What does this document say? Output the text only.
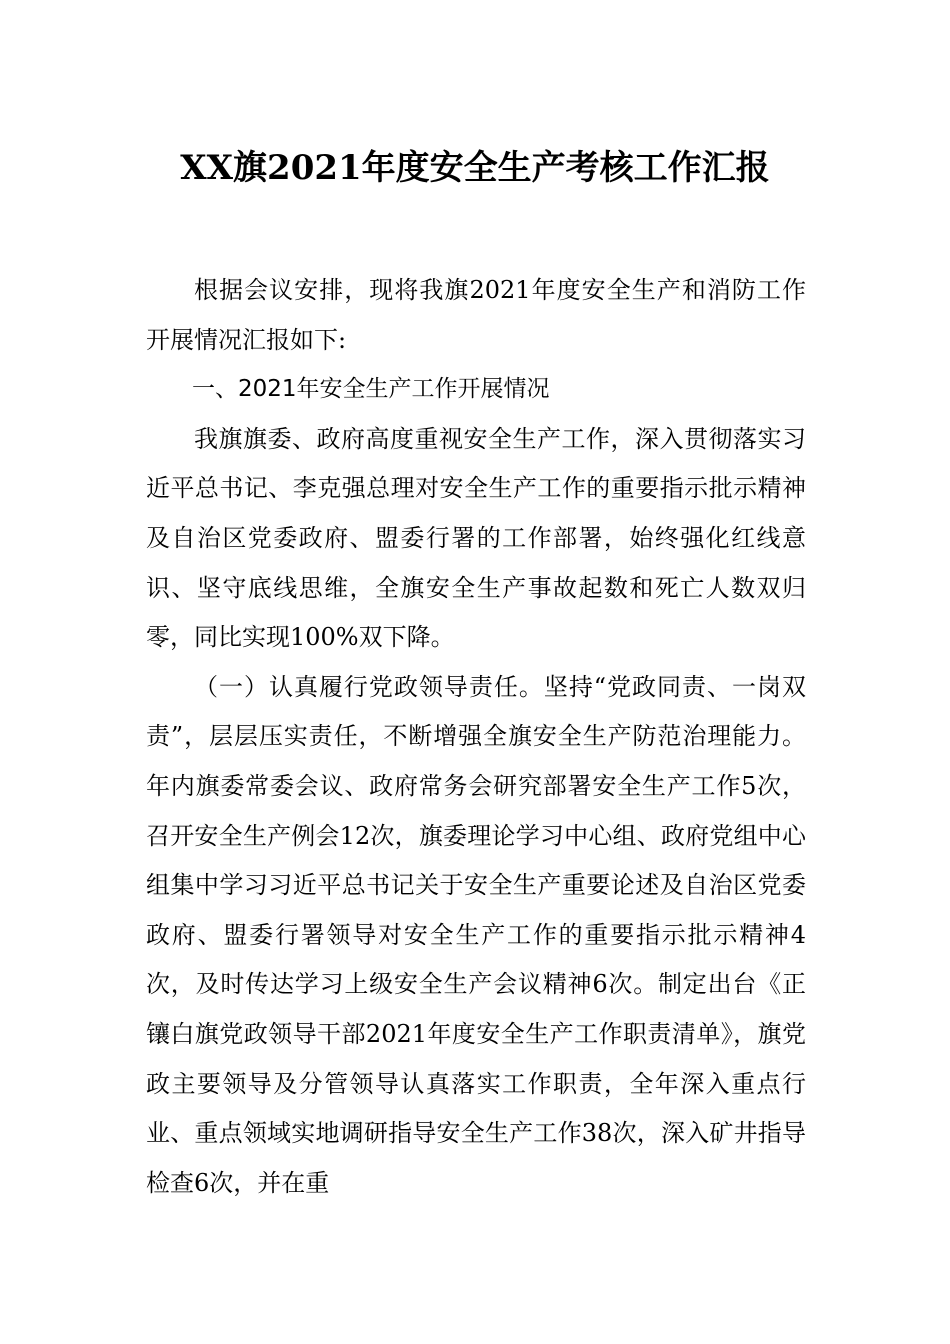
XX旗2021年度安全生产考核工作汇报

根据会议安排，现将我旗2021年度安全生产和消防工作开展情况汇报如下:

一、2021年安全生产工作开展情况

我旗旗委、政府高度重视安全生产工作，深入贯彻落实习近平总书记、李克强总理对安全生产工作的重要指示批示精神及自治区党委政府、盟委行署的工作部署，始终强化红线意识、坚守底线思维，全旗安全生产事故起数和死亡人数双归零，同比实现100%双下降。

（一）认真履行党政领导责任。坚持“党政同责、一岗双责”，层层压实责任，不断增强全旗安全生产防范治理能力。年内旗委常委会议、政府常务会研究部署安全生产工作5次，召开安全生产例会12次，旗委理论学习中心组、政府党组中心组集中学习习近平总书记关于安全生产重要论述及自治区党委政府、盟委行署领导对安全生产工作的重要指示批示精神4次，及时传达学习上级安全生产会议精神6次。制定出台《正镶白旗党政领导干部2021年度安全生产工作职责清单》，旗党政主要领导及分管领导认真落实工作职责，全年深入重点行业、重点领域实地调研指导安全生产工作38次，深入矿井指导检查6次，并在重
